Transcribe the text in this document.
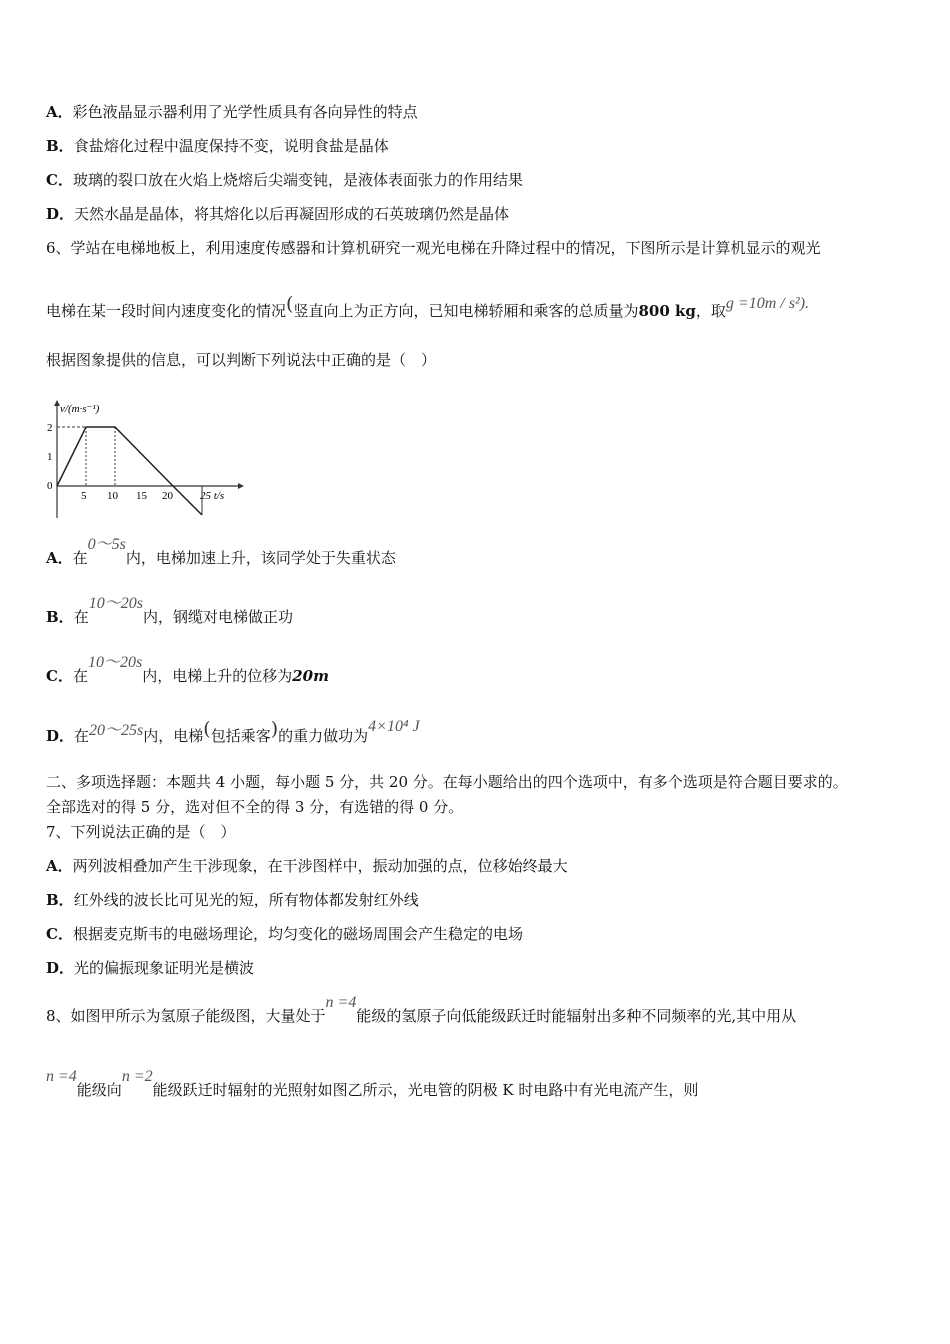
A．彩色液晶显示器利用了光学性质具有各向异性的特点
B．食盐熔化过程中温度保持不变，说明食盐是晶体
C．玻璃的裂口放在火焰上烧熔后尖端变钝，是液体表面张力的作用结果
D．天然水晶是晶体，将其熔化以后再凝固形成的石英玻璃仍然是晶体
6、学站在电梯地板上，利用速度传感器和计算机研究一观光电梯在升降过程中的情况，下图所示是计算机显示的观光
电梯在某一段时间内速度变化的情况(竖直向上为正方向，已知电梯轿厢和乘客的总质量为800 kg，取g =10m / s²).
根据图象提供的信息，可以判断下列说法中正确的是（　）
v/(m·s⁻¹)
2
1
0
5 10 15 20 25 t/s
A．在0～5s内，电梯加速上升，该同学处于失重状态
B．在10～20s内，钢缆对电梯做正功
C．在10～20s内，电梯上升的位移为20m
D．在20～25s内，电梯(包括乘客)的重力做功为4×10⁴ J
二、多项选择题：本题共 4 小题，每小题 5 分，共 20 分。在每小题给出的四个选项中，有多个选项是符合题目要求的。
全部选对的得 5 分，选对但不全的得 3 分，有选错的得 0 分。
7、下列说法正确的是（　）
A．两列波相叠加产生干涉现象，在干涉图样中，振动加强的点，位移始终最大
B．红外线的波长比可见光的短，所有物体都发射红外线
C．根据麦克斯韦的电磁场理论，均匀变化的磁场周围会产生稳定的电场
D．光的偏振现象证明光是横波
8、如图甲所示为氢原子能级图，大量处于n =4能级的氢原子向低能级跃迁时能辐射出多种不同频率的光,其中用从
n =4能级向n =2能级跃迁时辐射的光照射如图乙所示，光电管的阴极 K 时电路中有光电流产生，则
